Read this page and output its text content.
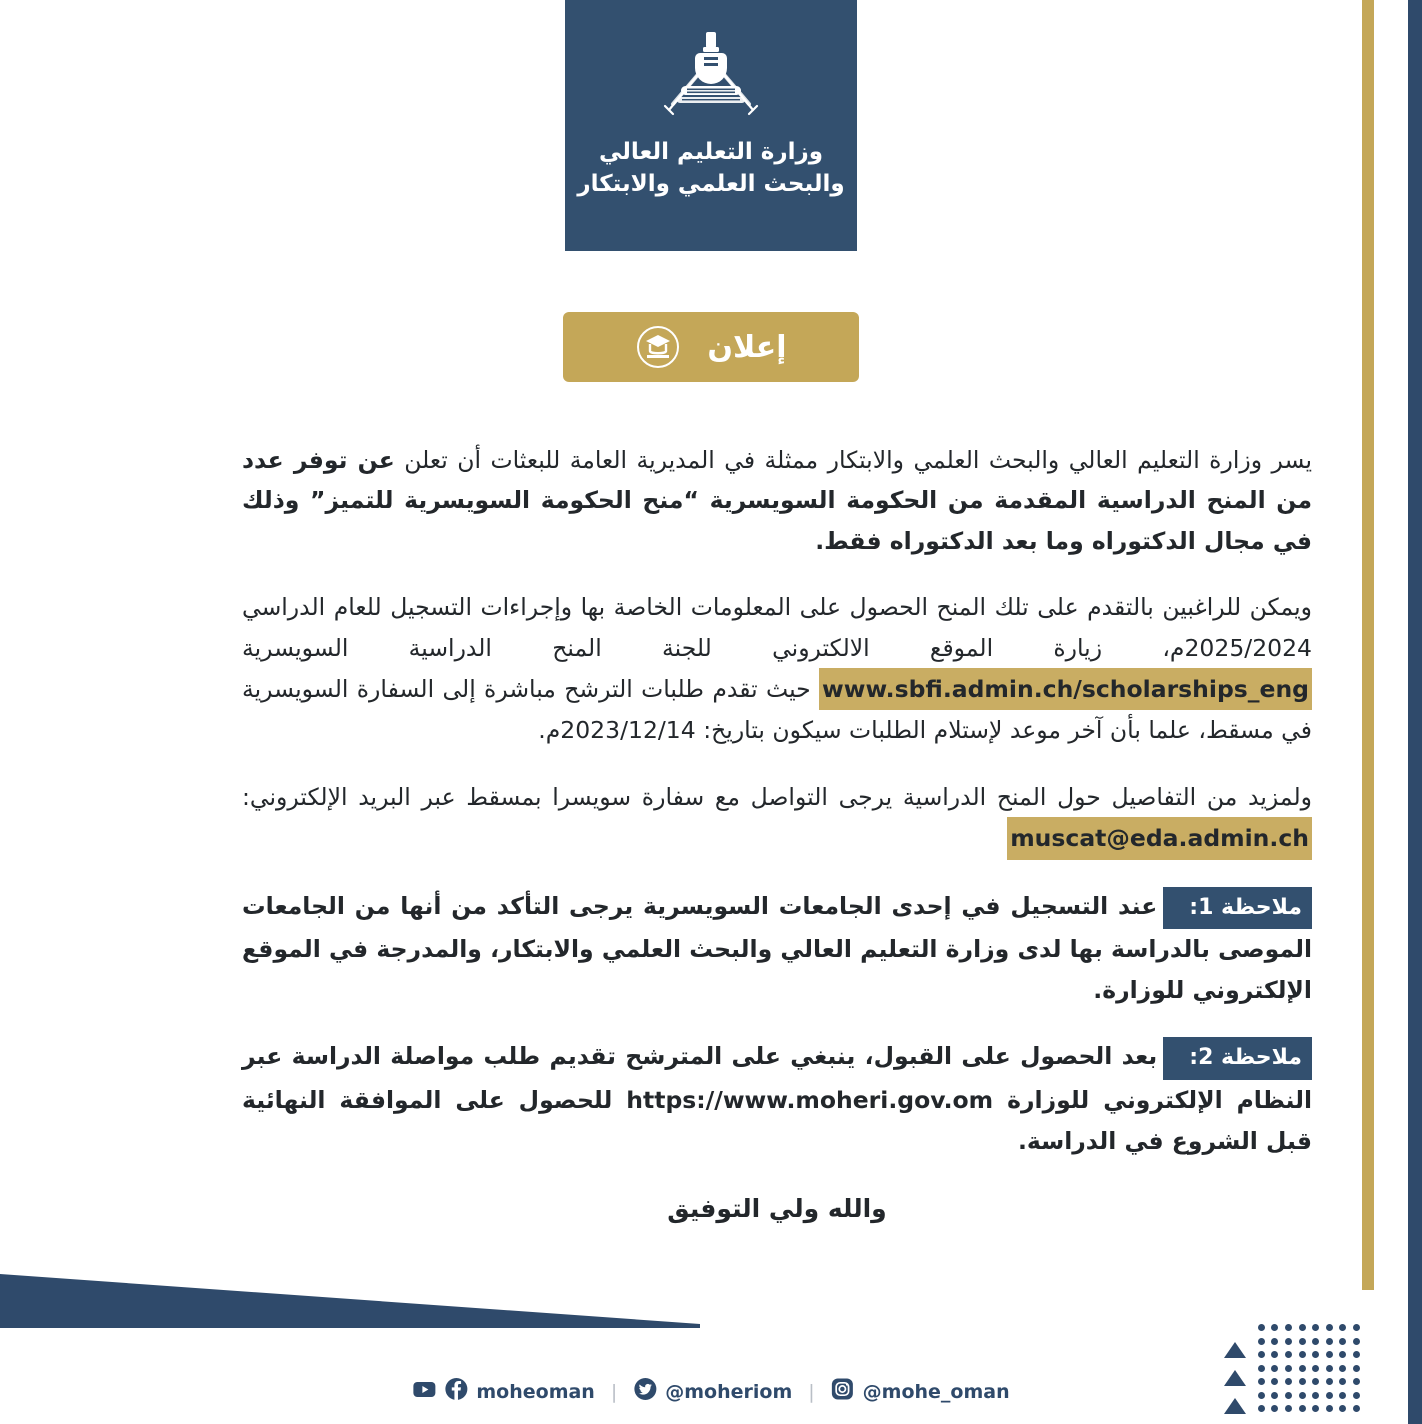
وزارة التعليم العالي
والبحث العلمي والابتكار
إعلان

يسر وزارة التعليم العالي والبحث العلمي والابتكار ممثلة في المديرية العامة للبعثات أن تعلن عن توفر عدد من المنح الدراسية المقدمة من الحكومة السويسرية “منح الحكومة السويسرية للتميز” وذلك في مجال الدكتوراه وما بعد الدكتوراه فقط.

ويمكن للراغبين بالتقدم على تلك المنح الحصول على المعلومات الخاصة بها وإجراءات التسجيل للعام الدراسي 2025/2024م، زيارة الموقع الالكتروني للجنة المنح الدراسية السويسرية www.sbfi.admin.ch/scholarships_eng حيث تقدم طلبات الترشح مباشرة إلى السفارة السويسرية في مسقط، علما بأن آخر موعد لإستلام الطلبات سيكون بتاريخ: 2023/12/14م.

ولمزيد من التفاصيل حول المنح الدراسية يرجى التواصل مع سفارة سويسرا بمسقط عبر البريد الإلكتروني: muscat@eda.admin.ch

ملاحظة 1:عند التسجيل في إحدى الجامعات السويسرية يرجى التأكد من أنها من الجامعات الموصى بالدراسة بها لدى وزارة التعليم العالي والبحث العلمي والابتكار، والمدرجة في الموقع الإلكتروني للوزارة.

ملاحظة 2:بعد الحصول على القبول، ينبغي على المترشح تقديم طلب مواصلة الدراسة عبر النظام الإلكتروني للوزارة https://www.moheri.gov.om للحصول على الموافقة النهائية قبل الشروع في الدراسة.

والله ولي التوفيق

moheoman |	@moheriom |	@mohe_oman
